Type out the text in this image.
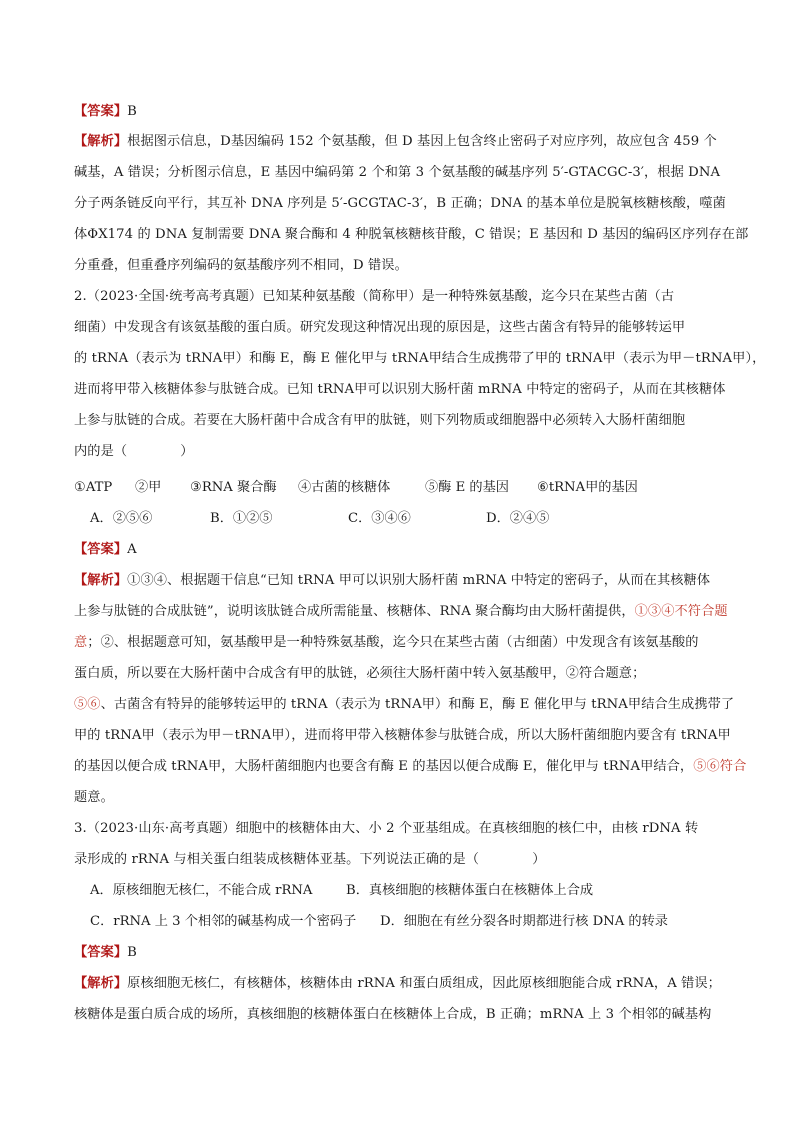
【答案】B
【解析】根据图示信息，D基因编码 152 个氨基酸，但 D 基因上包含终止密码子对应序列，故应包含 459 个
碱基，A 错误；分析图示信息，E 基因中编码第 2 个和第 3 个氨基酸的碱基序列 5′-GTACGC-3′，根据 DNA
分子两条链反向平行，其互补 DNA 序列是 5′-GCGTAC-3′，B 正确；DNA 的基本单位是脱氧核糖核酸，噬菌
体ΦX174 的 DNA 复制需要 DNA 聚合酶和 4 种脱氧核糖核苷酸，C 错误；E 基因和 D 基因的编码区序列存在部
分重叠，但重叠序列编码的氨基酸序列不相同，D 错误。
2.（2023·全国·统考高考真题）已知某种氨基酸（简称甲）是一种特殊氨基酸，迄今只在某些古菌（古
细菌）中发现含有该氨基酸的蛋白质。研究发现这种情况出现的原因是，这些古菌含有特异的能够转运甲
的 tRNA（表示为 tRNA甲）和酶 E，酶 E 催化甲与 tRNA甲结合生成携带了甲的 tRNA甲（表示为甲－tRNA甲），
进而将甲带入核糖体参与肽链合成。已知 tRNA甲可以识别大肠杆菌 mRNA 中特定的密码子，从而在其核糖体
上参与肽链的合成。若要在大肠杆菌中合成含有甲的肽链，则下列物质或细胞器中必须转入大肠杆菌细胞
内的是（　　　　）
①ATP ②甲 ③RNA 聚合酶 ④古菌的核糖体	⑤酶 E 的基因 ⑥tRNA甲的基因
A．②⑤⑥	B．①②⑤	C．③④⑥	D．②④⑤
【答案】A
【解析】①③④、根据题干信息“已知 tRNA 甲可以识别大肠杆菌 mRNA 中特定的密码子，从而在其核糖体
上参与肽链的合成肽链”，说明该肽链合成所需能量、核糖体、RNA 聚合酶均由大肠杆菌提供，①③④不符合题
意；②、根据题意可知，氨基酸甲是一种特殊氨基酸，迄今只在某些古菌（古细菌）中发现含有该氨基酸的
蛋白质，所以要在大肠杆菌中合成含有甲的肽链，必须往大肠杆菌中转入氨基酸甲，②符合题意；
⑤⑥、古菌含有特异的能够转运甲的 tRNA（表示为 tRNA甲）和酶 E，酶 E 催化甲与 tRNA甲结合生成携带了
甲的 tRNA甲（表示为甲－tRNA甲），进而将甲带入核糖体参与肽链合成，所以大肠杆菌细胞内要含有 tRNA甲
的基因以便合成 tRNA甲，大肠杆菌细胞内也要含有酶 E 的基因以便合成酶 E，催化甲与 tRNA甲结合，⑤⑥符合
题意。
3.（2023·山东·高考真题）细胞中的核糖体由大、小 2 个亚基组成。在真核细胞的核仁中，由核 rDNA 转
录形成的 rRNA 与相关蛋白组装成核糖体亚基。下列说法正确的是（　　　　）
A．原核细胞无核仁，不能合成 rRNA	B．真核细胞的核糖体蛋白在核糖体上合成
C．rRNA 上 3 个相邻的碱基构成一个密码子 D．细胞在有丝分裂各时期都进行核 DNA 的转录
【答案】B
【解析】原核细胞无核仁，有核糖体，核糖体由 rRNA 和蛋白质组成，因此原核细胞能合成 rRNA，A 错误；
核糖体是蛋白质合成的场所，真核细胞的核糖体蛋白在核糖体上合成，B 正确；mRNA 上 3 个相邻的碱基构
